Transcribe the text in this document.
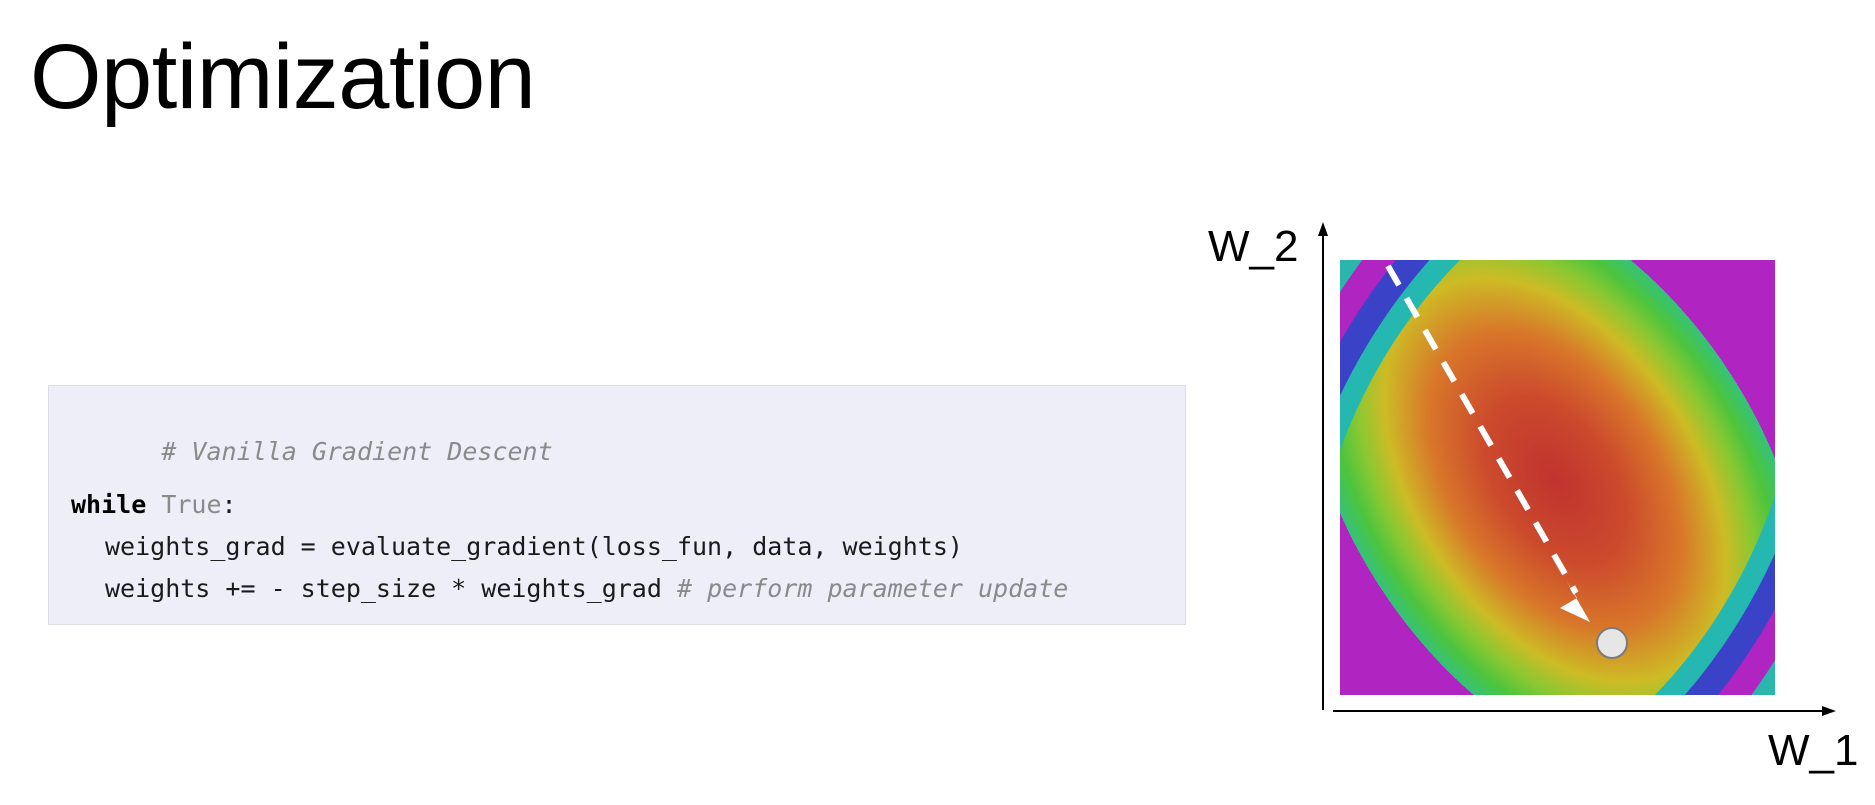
Optimization

# Vanilla Gradient Descent

while True:
weights_grad = evaluate_gradient(loss_fun, data, weights)
weights += - step_size * weights_grad # perform parameter update
W_2
W_1
